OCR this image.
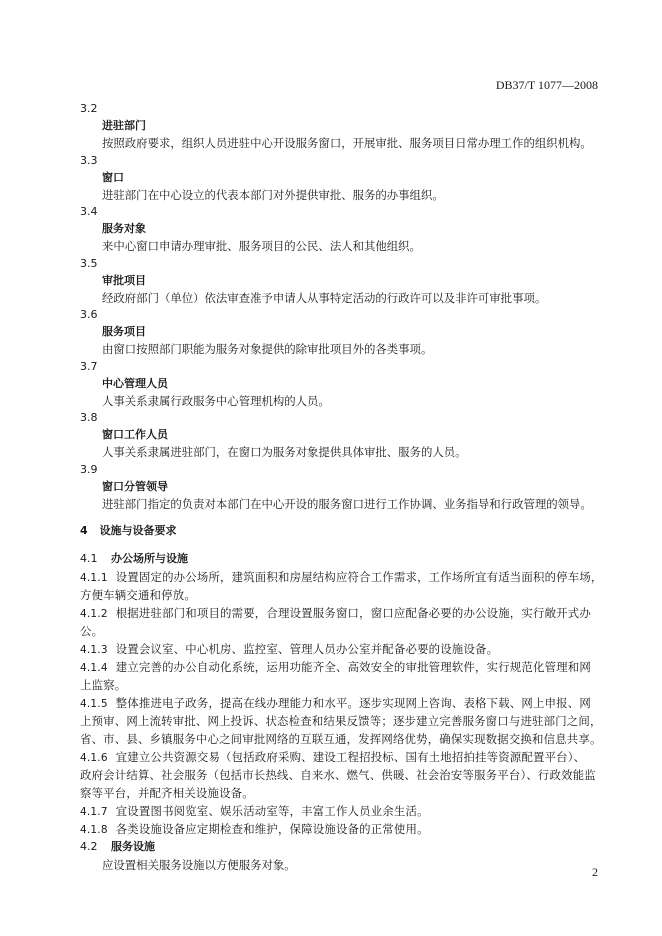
DB37/T 1077—2008
3.2
进驻部门
按照政府要求，组织人员进驻中心开设服务窗口，开展审批、服务项目日常办理工作的组织机构。
3.3
窗口
进驻部门在中心设立的代表本部门对外提供审批、服务的办事组织。
3.4
服务对象
来中心窗口申请办理审批、服务项目的公民、法人和其他组织。
3.5
审批项目
经政府部门（单位）依法审查准予申请人从事特定活动的行政许可以及非许可审批事项。
3.6
服务项目
由窗口按照部门职能为服务对象提供的除审批项目外的各类事项。
3.7
中心管理人员
人事关系隶属行政服务中心管理机构的人员。
3.8
窗口工作人员
人事关系隶属进驻部门，在窗口为服务对象提供具体审批、服务的人员。
3.9
窗口分管领导
进驻部门指定的负责对本部门在中心开设的服务窗口进行工作协调、业务指导和行政管理的领导。
4 设施与设备要求
4.1 办公场所与设施
4.1.1 设置固定的办公场所，建筑面积和房屋结构应符合工作需求，工作场所宜有适当面积的停车场，
方便车辆交通和停放。
4.1.2 根据进驻部门和项目的需要，合理设置服务窗口，窗口应配备必要的办公设施，实行敞开式办
公。
4.1.3 设置会议室、中心机房、监控室、管理人员办公室并配备必要的设施设备。
4.1.4 建立完善的办公自动化系统，运用功能齐全、高效安全的审批管理软件，实行规范化管理和网
上监察。
4.1.5 整体推进电子政务，提高在线办理能力和水平。逐步实现网上咨询、表格下载、网上申报、网
上预审、网上流转审批、网上投诉、状态检查和结果反馈等；逐步建立完善服务窗口与进驻部门之间，
省、市、县、乡镇服务中心之间审批网络的互联互通，发挥网络优势，确保实现数据交换和信息共享。
4.1.6 宜建立公共资源交易（包括政府采购、建设工程招投标、国有土地招拍挂等资源配置平台）、
政府会计结算、社会服务（包括市长热线、自来水、燃气、供暖、社会治安等服务平台）、行政效能监
察等平台，并配齐相关设施设备。
4.1.7 宜设置图书阅览室、娱乐活动室等，丰富工作人员业余生活。
4.1.8 各类设施设备应定期检查和维护，保障设施设备的正常使用。
4.2 服务设施
应设置相关服务设施以方便服务对象。	2
